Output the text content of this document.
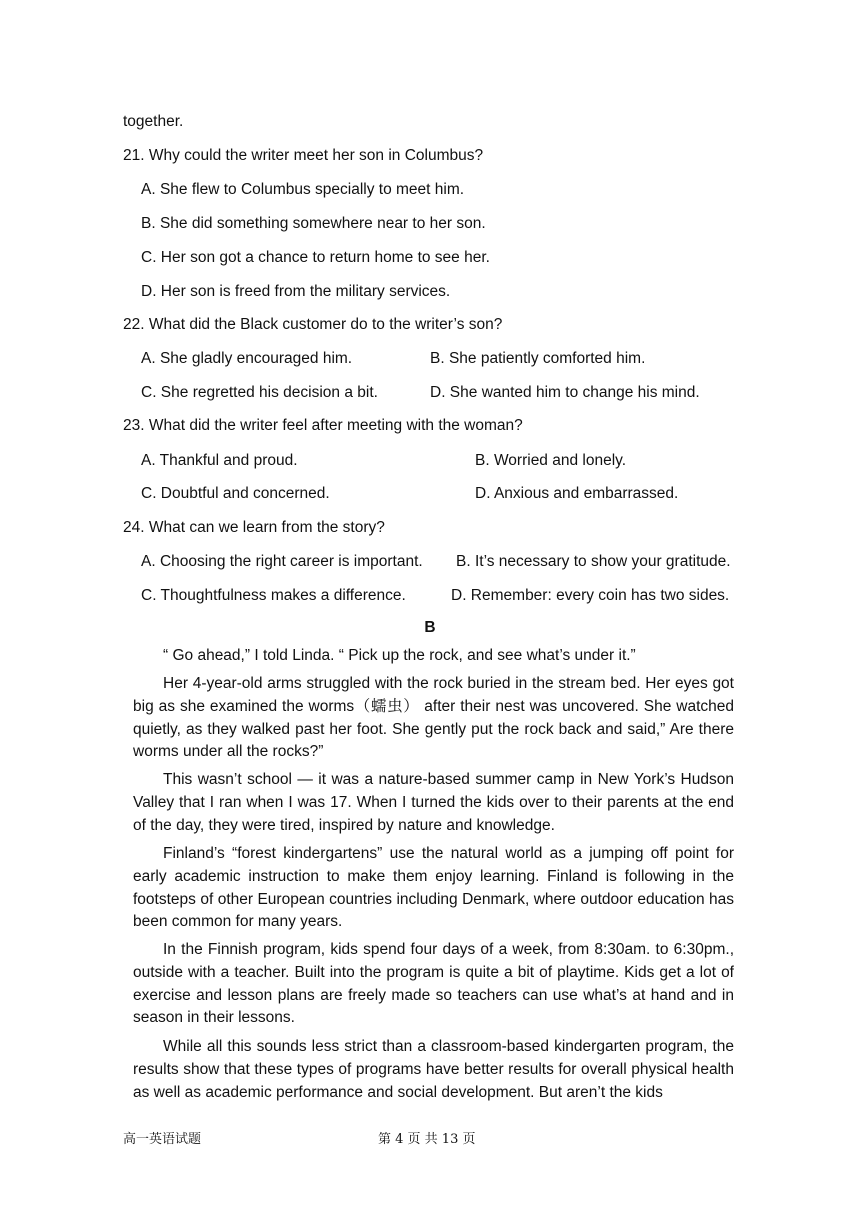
together.
21. Why could the writer meet her son in Columbus?
A. She flew to Columbus specially to meet him.
B. She did something somewhere near to her son.
C. Her son got a chance to return home to see her.
D. Her son is freed from the military services.
22. What did the Black customer do to the writer’s son?
A. She gladly encouraged him.	B. She patiently comforted him.
C. She regretted his decision a bit.	D. She wanted him to change his mind.
23. What did the writer feel after meeting with the woman?
A. Thankful and proud.	B. Worried and lonely.
C. Doubtful and concerned.	D. Anxious and embarrassed.
24. What can we learn from the story?
A. Choosing the right career is important. B. It’s necessary to show your gratitude.
C. Thoughtfulness makes a difference.	D. Remember: every coin has two sides.
B
“ Go ahead,” I told Linda. “ Pick up the rock, and see what’s under it.”
Her 4-year-old arms struggled with the rock buried in the stream bed. Her eyes got big as she examined the worms（蠕虫） after their nest was uncovered. She watched quietly, as they walked past her foot. She gently put the rock back and said,” Are there worms under all the rocks?”
This wasn’t school — it was a nature-based summer camp in New York’s Hudson Valley that I ran when I was 17. When I turned the kids over to their parents at the end of the day, they were tired, inspired by nature and knowledge.
Finland’s “forest kindergartens” use the natural world as a jumping off point for early academic instruction to make them enjoy learning. Finland is following in the footsteps of other European countries including Denmark, where outdoor education has been common for many years.
In the Finnish program, kids spend four days of a week, from 8:30am. to 6:30pm., outside with a teacher. Built into the program is quite a bit of playtime. Kids get a lot of exercise and lesson plans are freely made so teachers can use what’s at hand and in season in their lessons.
While all this sounds less strict than a classroom-based kindergarten program, the results show that these types of programs have better results for overall physical health as well as academic performance and social development. But aren’t the kids
高一英语试题	第 4 页 共 13 页
